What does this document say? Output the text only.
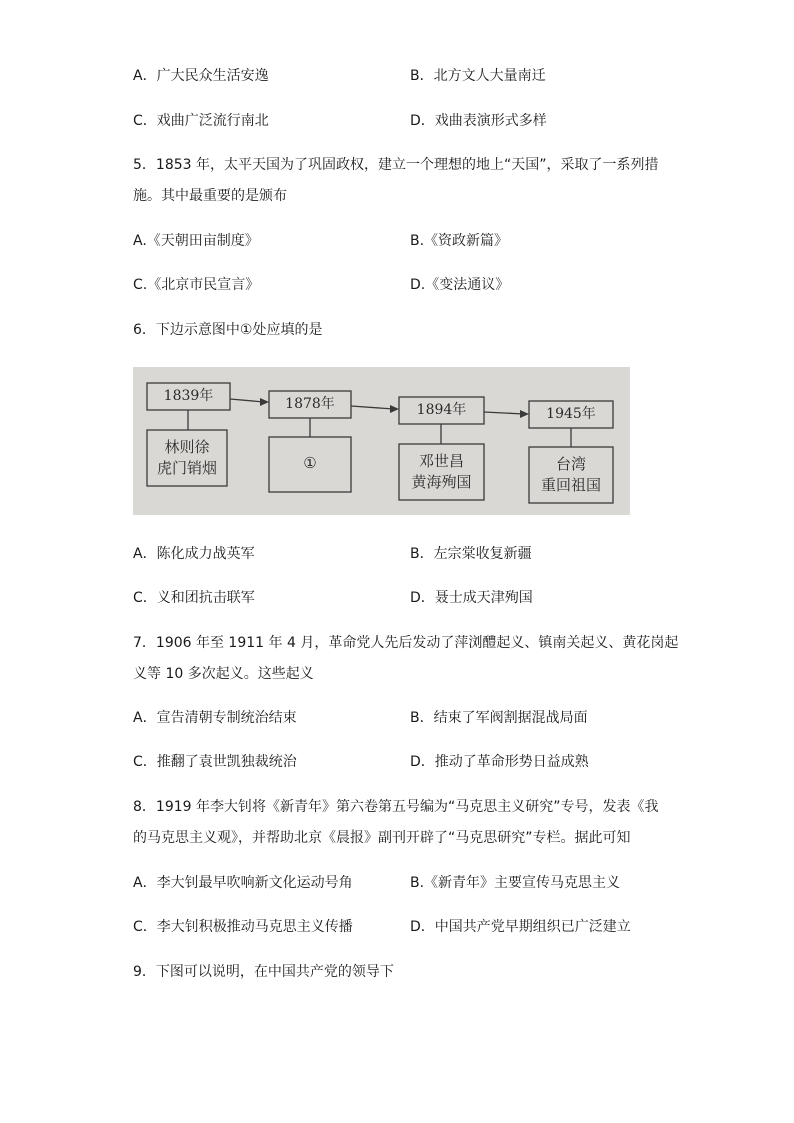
A．广大民众生活安逸	B．北方文人大量南迁
C．戏曲广泛流行南北	D．戏曲表演形式多样
5．1853 年，太平天国为了巩固政权，建立一个理想的地上“天国”，采取了一系列措
施。其中最重要的是颁布
A.《天朝田亩制度》	B.《资政新篇》
C.《北京市民宣言》	D.《变法通议》
6．下边示意图中①处应填的是
1839年	1878年	1894年	1945年
林则徐
虎门销烟	①	邓世昌
黄海殉国
台湾
重回祖国
A．陈化成力战英军	B．左宗棠收复新疆
C．义和团抗击联军	D．聂士成天津殉国
7．1906 年至 1911 年 4 月，革命党人先后发动了萍浏醴起义、镇南关起义、黄花岗起
义等 10 多次起义。这些起义
A．宣告清朝专制统治结束	B．结束了军阀割据混战局面
C．推翻了袁世凯独裁统治	D．推动了革命形势日益成熟
8．1919 年李大钊将《新青年》第六卷第五号编为“马克思主义研究”专号，发表《我
的马克思主义观》，并帮助北京《晨报》副刊开辟了“马克思研究”专栏。据此可知
A．李大钊最早吹响新文化运动号角	B.《新青年》主要宣传马克思主义
C．李大钊积极推动马克思主义传播	D．中国共产党早期组织已广泛建立
9．下图可以说明，在中国共产党的领导下
